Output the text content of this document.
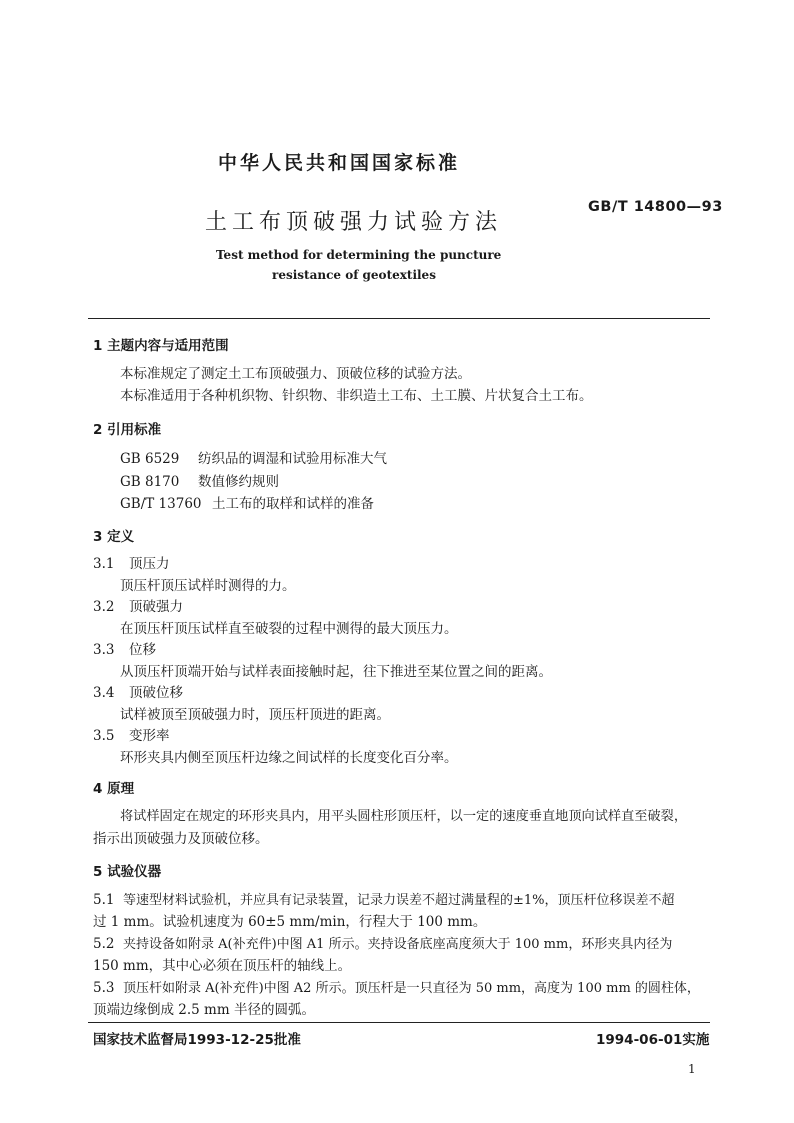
中华人民共和国国家标准
GB/T 14800—93
土工布顶破强力试验方法
Test method for determining the puncture
resistance of geotextiles
1 主题内容与适用范围
本标准规定了测定土工布顶破强力、顶破位移的试验方法。
本标准适用于各种机织物、针织物、非织造土工布、土工膜、片状复合土工布。
2 引用标准
GB 6529 纺织品的调湿和试验用标准大气
GB 8170 数值修约规则
GB/T 13760 土工布的取样和试样的准备
3 定义
3.1 顶压力
顶压杆顶压试样时测得的力。
3.2 顶破强力
在顶压杆顶压试样直至破裂的过程中测得的最大顶压力。
3.3 位移
从顶压杆顶端开始与试样表面接触时起，往下推进至某位置之间的距离。
3.4 顶破位移
试样被顶至顶破强力时，顶压杆顶进的距离。
3.5 变形率
环形夹具内侧至顶压杆边缘之间试样的长度变化百分率。
4 原理
将试样固定在规定的环形夹具内，用平头圆柱形顶压杆，以一定的速度垂直地顶向试样直至破裂，
指示出顶破强力及顶破位移。
5 试验仪器
5.1 等速型材料试验机，并应具有记录装置，记录力误差不超过满量程的±1%，顶压杆位移误差不超
过 1 mm。试验机速度为 60±5 mm/min，行程大于 100 mm。
5.2 夹持设备如附录 A(补充件)中图 A1 所示。夹持设备底座高度须大于 100 mm，环形夹具内径为
150 mm，其中心必须在顶压杆的轴线上。
5.3 顶压杆如附录 A(补充件)中图 A2 所示。顶压杆是一只直径为 50 mm，高度为 100 mm 的圆柱体，
顶端边缘倒成 2.5 mm 半径的圆弧。
国家技术监督局1993-12-25批准	1994-06-01实施
1
